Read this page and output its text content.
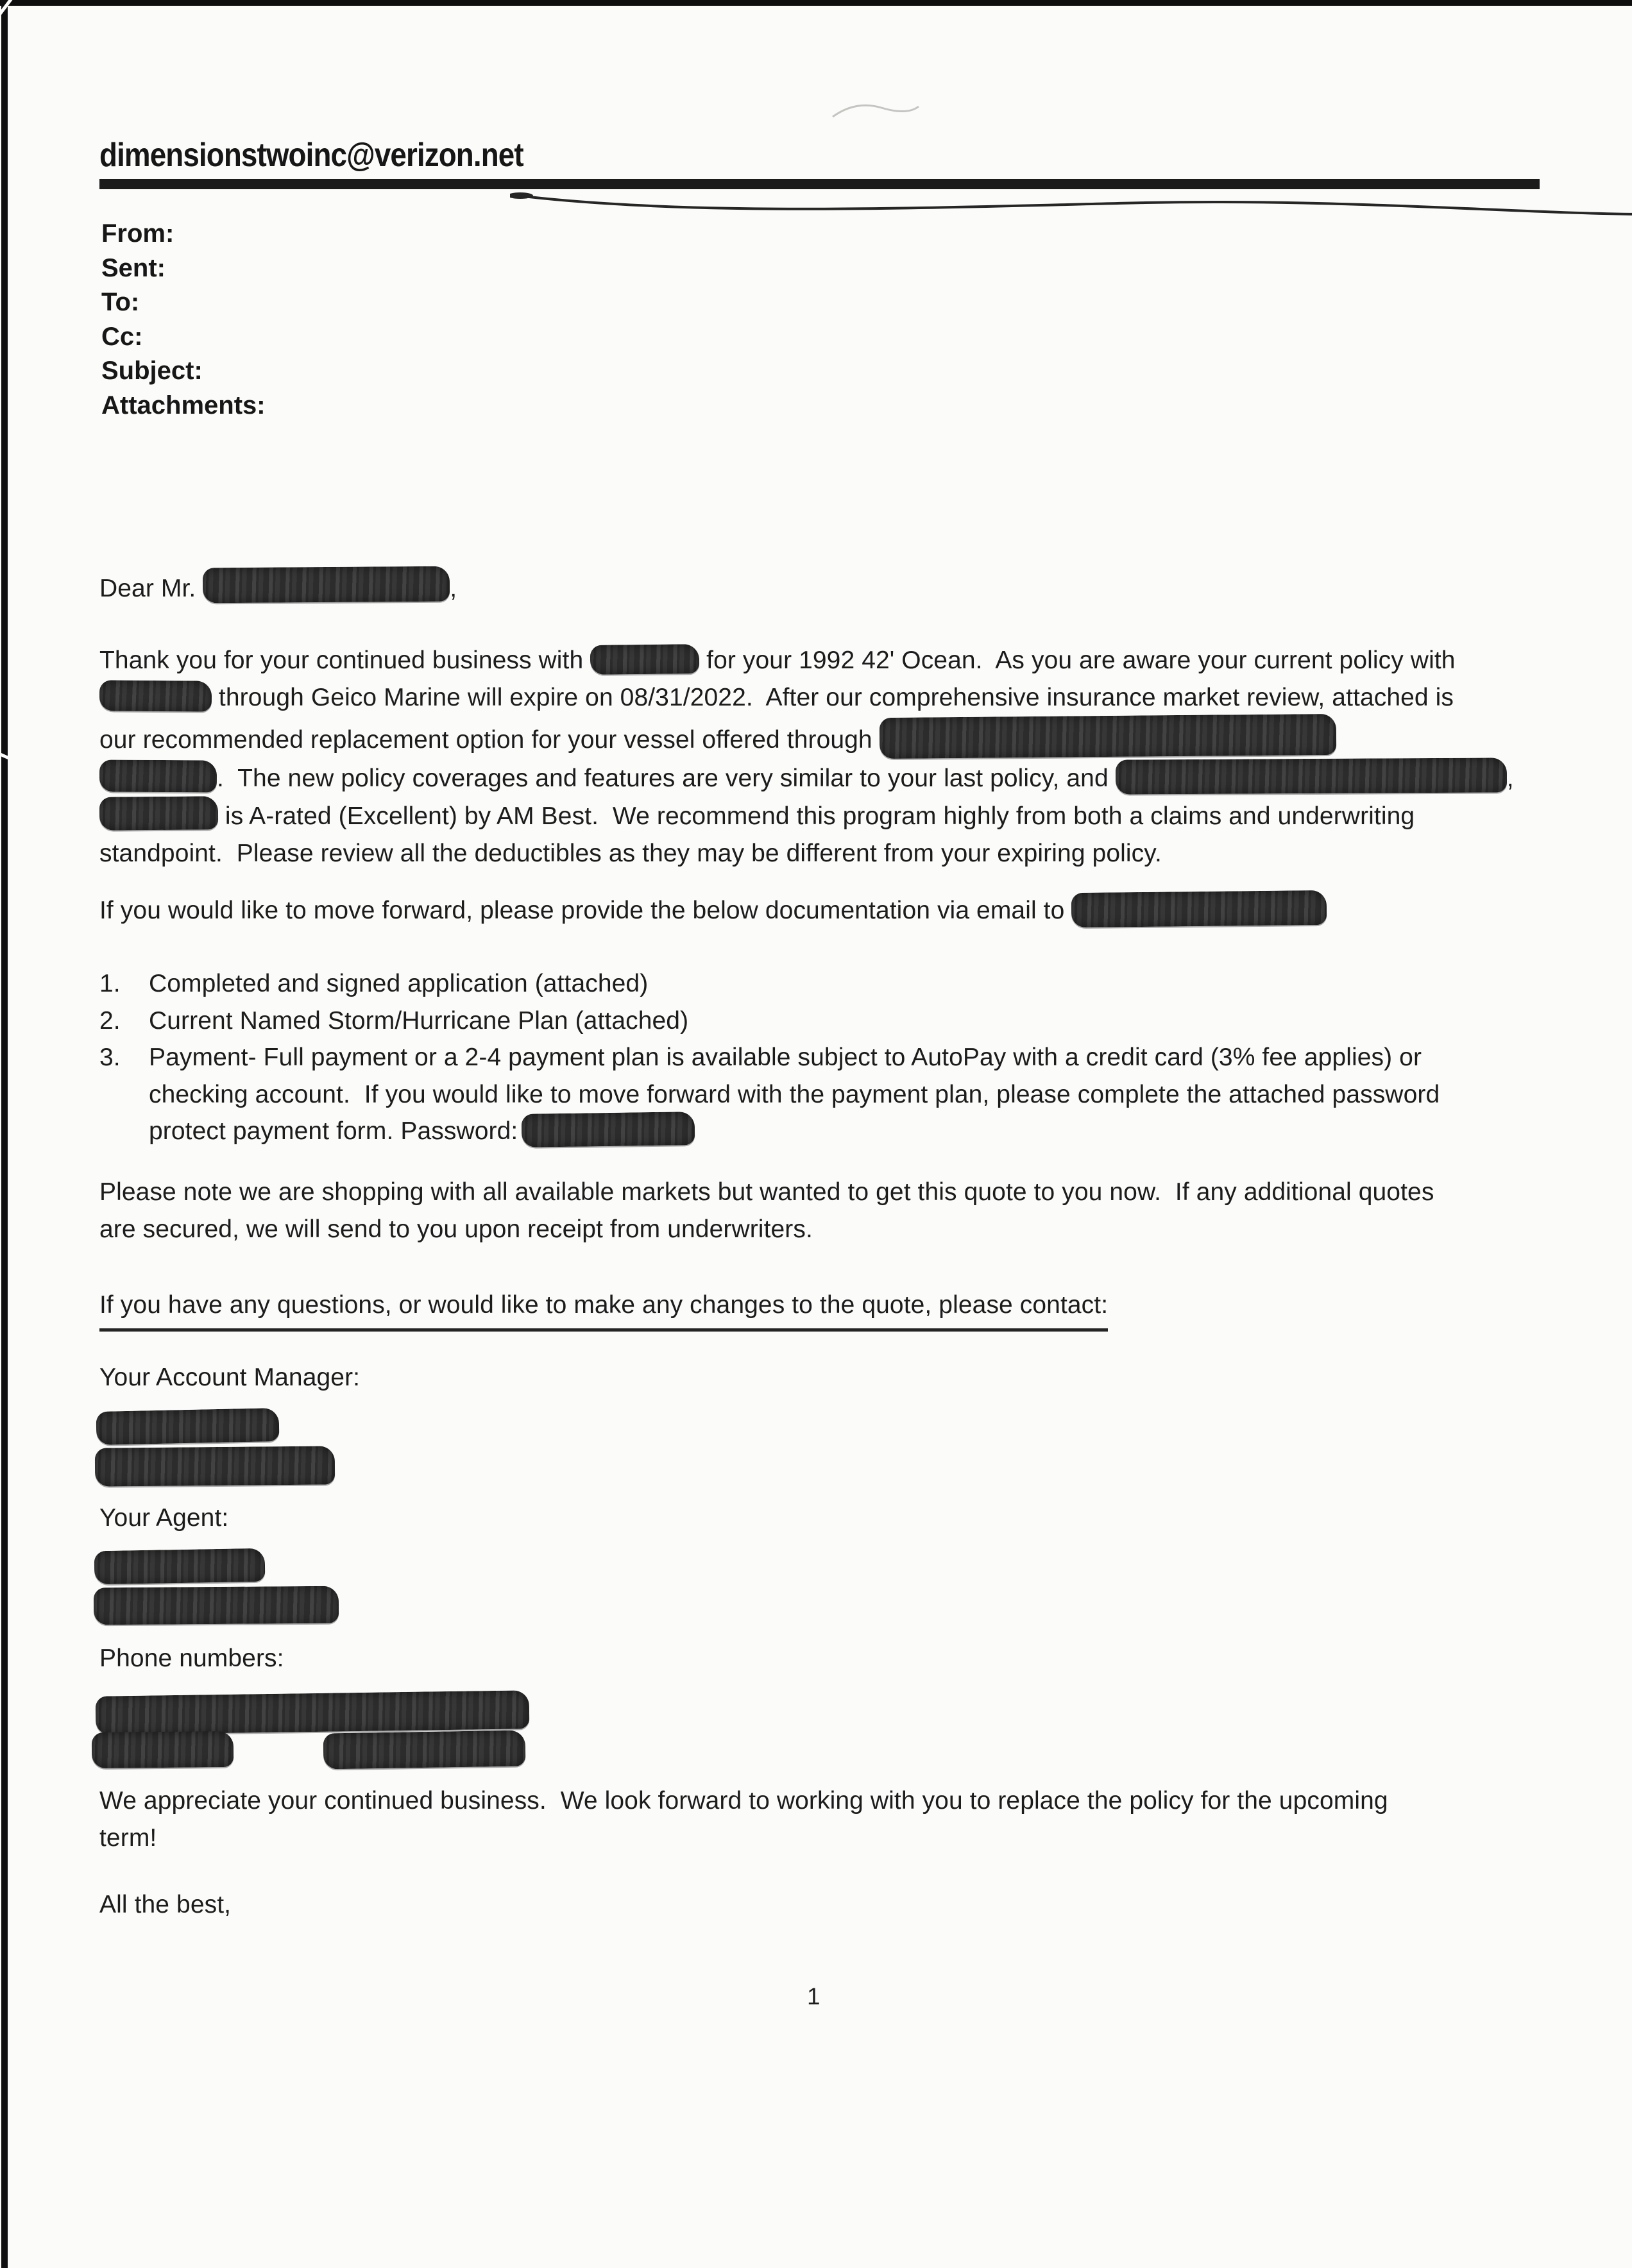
dimensionstwoinc@verizon.net
From:
Sent:
To:
Cc:
Subject:
Attachments:
Dear Mr.	,
Thank you for your continued business with	for your 1992 42' Ocean.  As you are aware your current policy with
through Geico Marine will expire on 08/31/2022.  After our comprehensive insurance market review, attached is
our recommended replacement option for your vessel offered through
.  The new policy coverages and features are very similar to your last policy, and	,
is A-rated (Excellent) by AM Best.  We recommend this program highly from both a claims and underwriting
standpoint.  Please review all the deductibles as they may be different from your expiring policy.
If you would like to move forward, please provide the below documentation via email to
1. Completed and signed application (attached)
2. Current Named Storm/Hurricane Plan (attached)
3. Payment- Full payment or a 2-4 payment plan is available subject to AutoPay with a credit card (3% fee applies) or
checking account.  If you would like to move forward with the payment plan, please complete the attached password
protect payment form. Password:
Please note we are shopping with all available markets but wanted to get this quote to you now.  If any additional quotes
are secured, we will send to you upon receipt from underwriters.
If you have any questions, or would like to make any changes to the quote, please contact:
Your Account Manager:
Your Agent:
Phone numbers:
We appreciate your continued business.  We look forward to working with you to replace the policy for the upcoming
term!
All the best,
1
